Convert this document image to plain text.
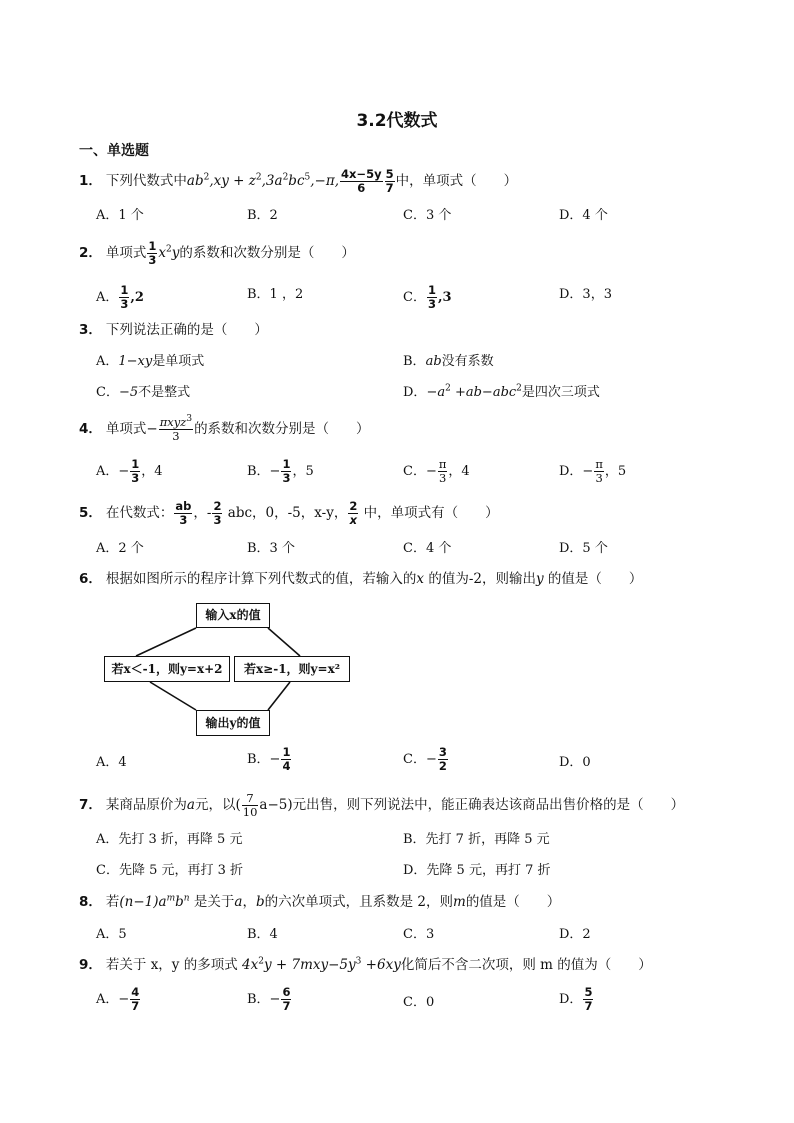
3.2代数式
一、单选题
1． 下列代数式中$ab^2,xy + z^2,3a^2bc^5,-\pi$, $\frac{4x-5y}{6} \frac{5}{7}$ 中，单项式（　　）
A．1 个	B．2	C．3 个	D．4 个
2． 单项式 $\frac{1}{3} x^2y$的系数和次数分别是（　　）
A． $\frac{1}{3} ,2$	B．1 ，2	C． $\frac{1}{3} ,3$	D．3，3
3． 下列说法正确的是（　　）
A．1−xy是单项式	B．ab没有系数
C．−5不是整式	D．$-a^2 +ab-abc^2$是四次三项式
4． 单项式− $\frac{\pi xyz^3}{3}$ 的系数和次数分别是（　　）
A．− $\frac{1}{3}$ ，4	B．− $\frac{1}{3}$ ，5	C．− $\frac{\pi}{3}$ ，4	D．− $\frac{\pi}{3}$ ，5
5． 在代数式： $\frac{ab}{3}$ ，- $\frac{2}{3}$ abc，0，-5，x-y， $\frac{2}{x}$ 中，单项式有（　　）
A．2 个	B．3 个	C．4 个	D．5 个
6． 根据如图所示的程序计算下列代数式的值，若输入的x 的值为-2，则输出y 的值是（　　）
输入x的值
若x＜-1，则y=x+2	若x≥-1，则y=x²
输出y的值
A．4	B．− $\frac{1}{4}$	C．− $\frac{3}{2}$	D．0
7． 某商品原价为a元，以( $\frac{7}{10} a-5$)元出售，则下列说法中，能正确表达该商品出售价格的是（　　）
A．先打 3 折，再降 5 元	B．先打 7 折，再降 5 元
C．先降 5 元，再打 3 折	D．先降 5 元，再打 7 折
8． 若$(n-1)a^mb^n$ 是关于a，b的六次单项式，且系数是 2，则m的值是（　　）
A．5	B．4	C．3	D．2
9． 若关于 x，y 的多项式 $4x^2y + 7mxy-5y^3 +6xy$化简后不含二次项，则 m 的值为（　　）
A．− $\frac{4}{7}$	B．− $\frac{6}{7}$	C．0	D． $\frac{5}{7}$
